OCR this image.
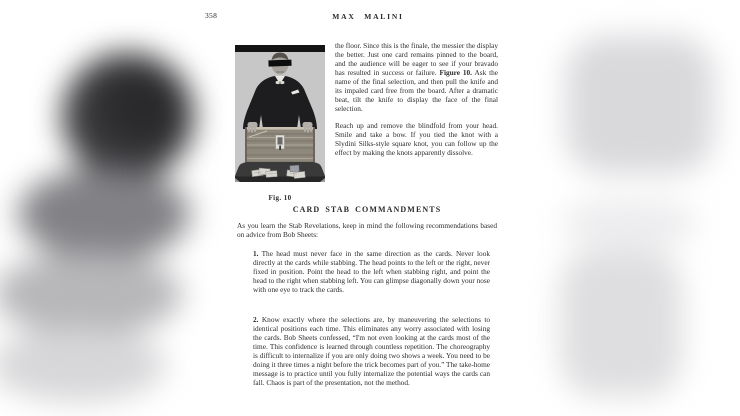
358	MAX MALINI
Fig. 10

the floor. Since this is the finale, the messier the display the better. Just one card remains pinned to the board, and the audience will be eager to see if your bravado has resulted in success or failure. Figure 10. Ask the name of the final selection, and then pull the knife and its impaled card free from the board. After a dramatic beat, tilt the knife to display the face of the final selection.

Reach up and remove the blindfold from your head. Smile and take a bow. If you tied the knot with a Slydini Silks-style square knot, you can follow up the effect by making the knots apparently dissolve.

CARD STAB COMMANDMENTS
As you learn the Stab Revelations, keep in mind the following recommendations based on advice from Bob Sheets:
1. The head must never face in the same direction as the cards. Never look directly at the cards while stabbing. The head points to the left or the right, never fixed in position. Point the head to the left when stabbing right, and point the head to the right when stabbing left. You can glimpse diagonally down your nose with one eye to track the cards.
2. Know exactly where the selections are, by maneuvering the selections to identical positions each time. This eliminates any worry associated with losing the cards. Bob Sheets confessed, “I'm not even looking at the cards most of the time. This confidence is learned through countless repetition. The choreography is difficult to internalize if you are only doing two shows a week. You need to be doing it three times a night before the trick becomes part of you.” The take-home message is to practice until you fully internalize the potential ways the cards can fall. Chaos is part of the presentation, not the method.
